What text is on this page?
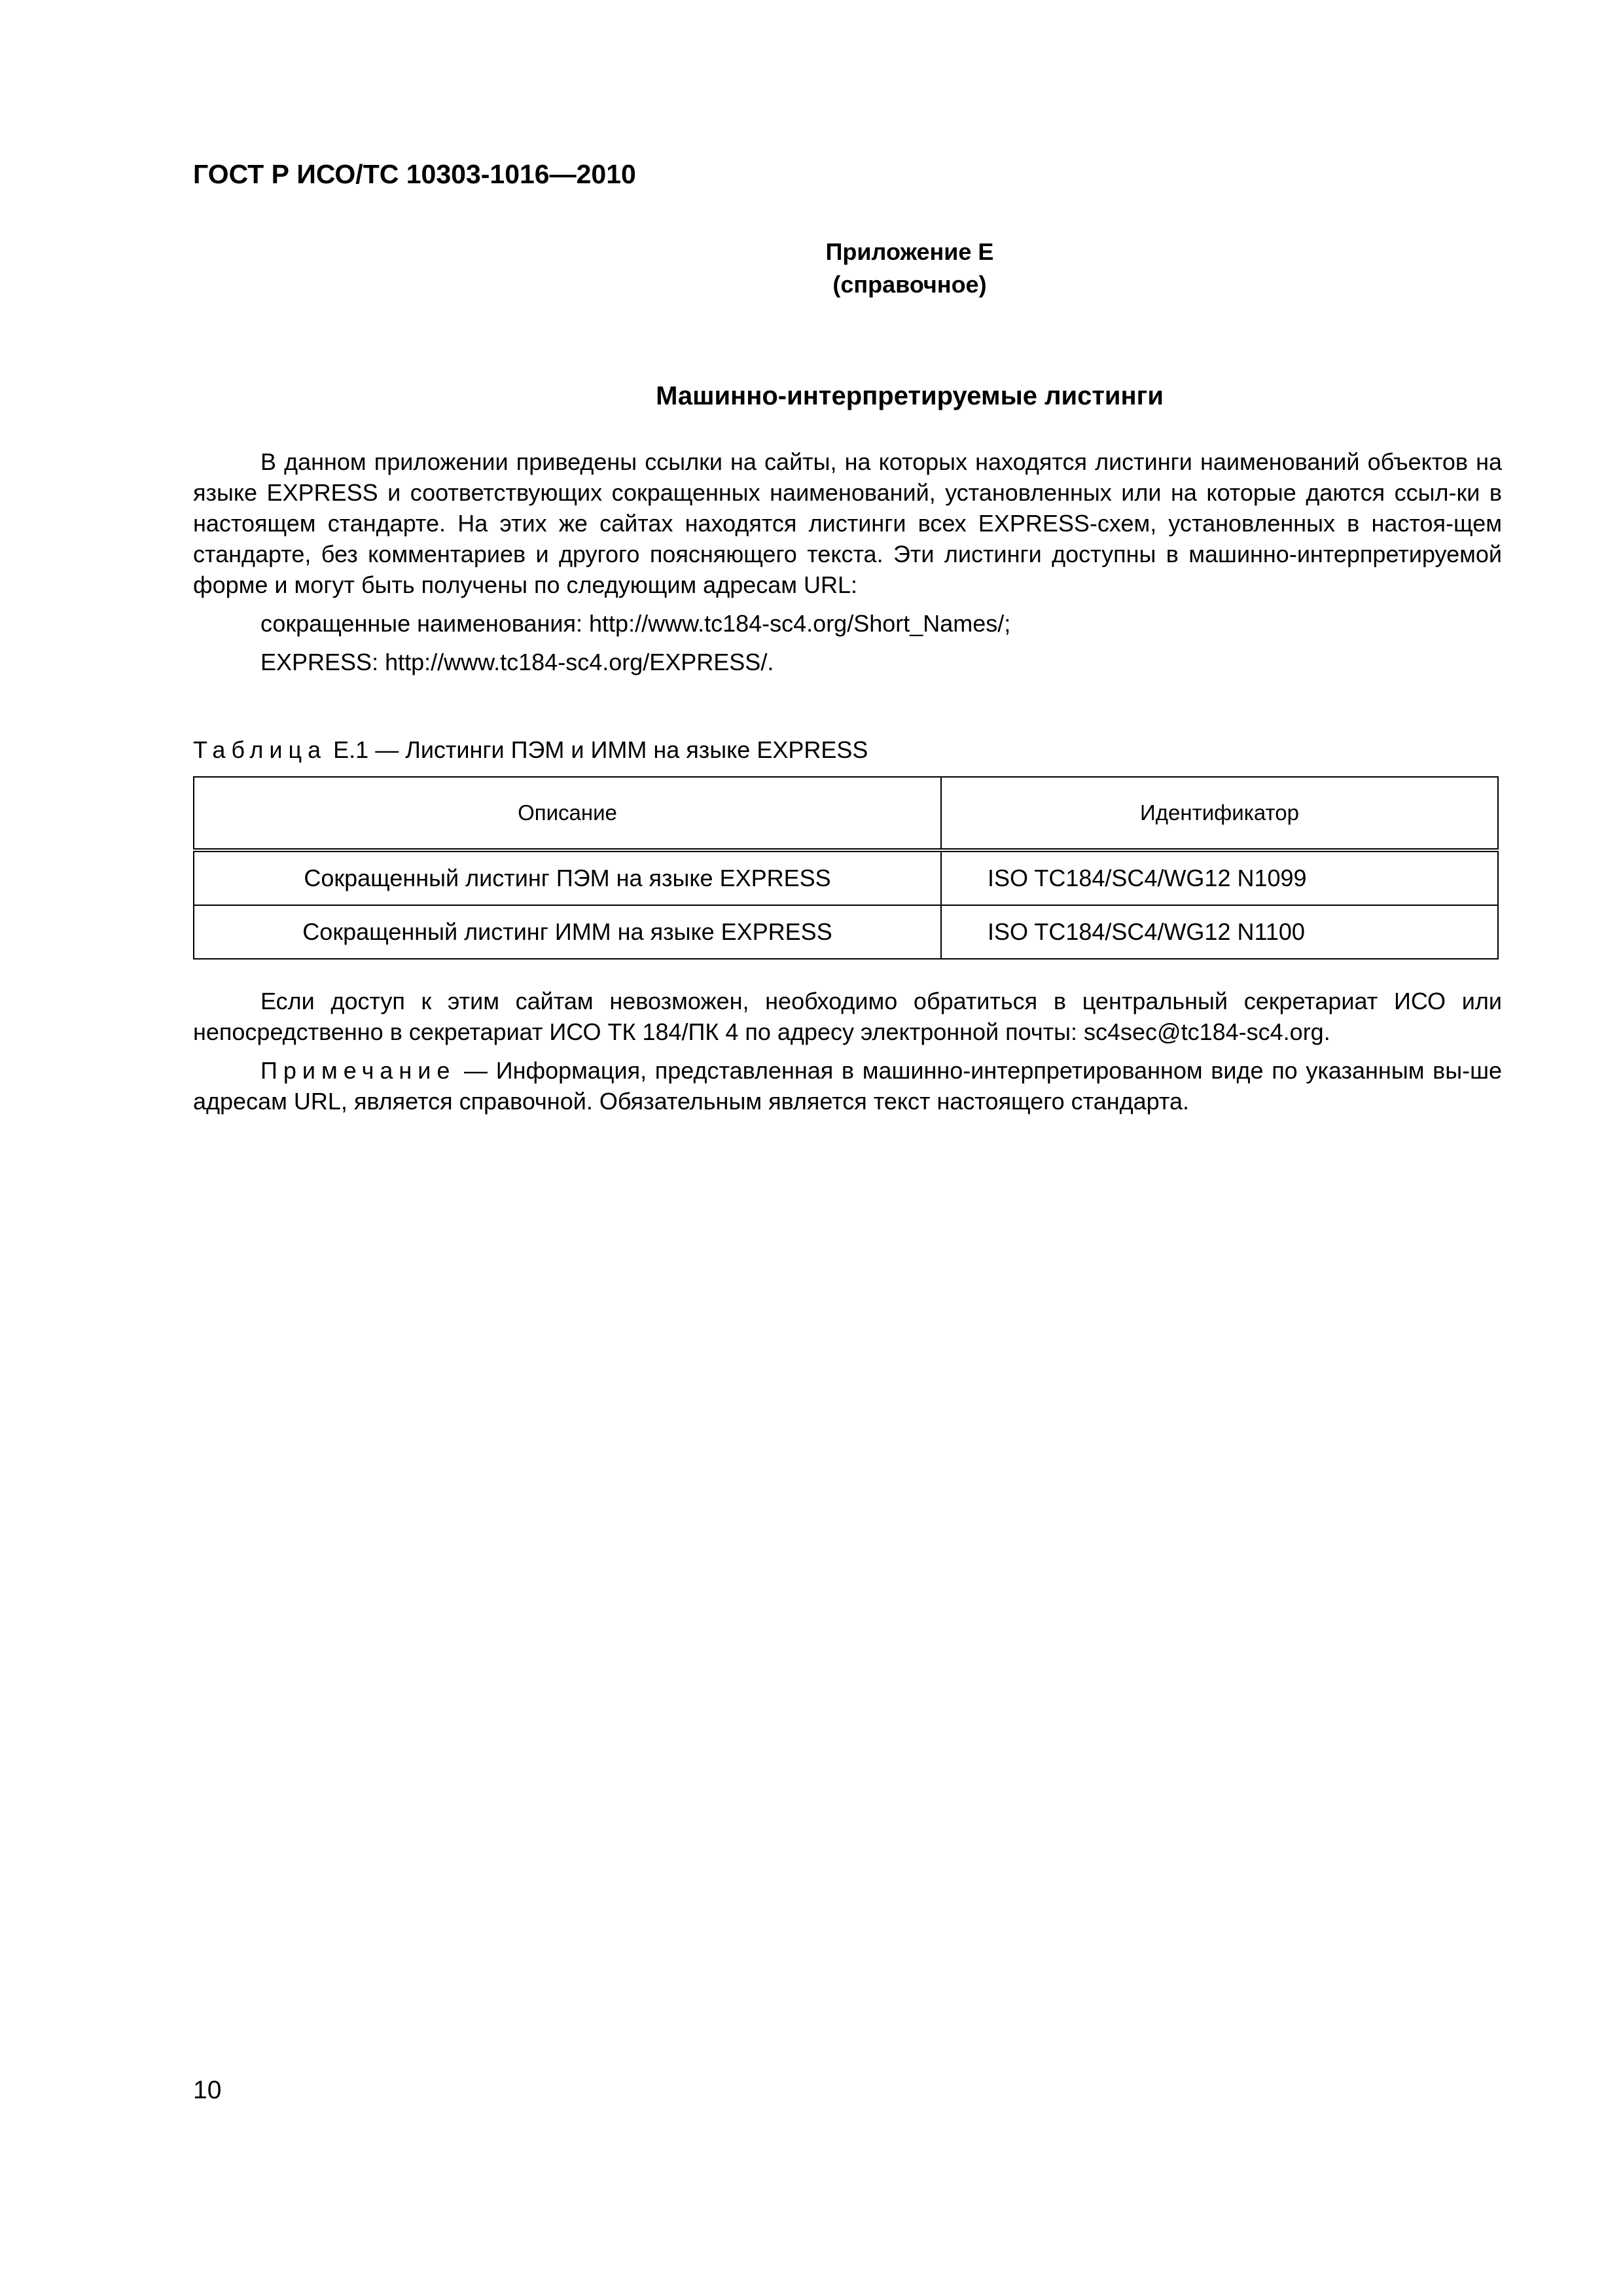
ГОСТ Р ИСО/ТС 10303-1016—2010
Приложение Е
(справочное)
Машинно-интерпретируемые листинги

В данном приложении приведены ссылки на сайты, на которых находятся листинги наименований объектов на языке EXPRESS и соответствующих сокращенных наименований, установленных или на которые даются ссыл-ки в настоящем стандарте. На этих же сайтах находятся листинги всех EXPRESS-схем, установленных в настоя-щем стандарте, без комментариев и другого поясняющего текста. Эти листинги доступны в машинно-интерпретируемой форме и могут быть получены по следующим адресам URL:

сокращенные наименования: http://www.tc184-sc4.org/Short_Names/;

EXPRESS: http://www.tc184-sc4.org/EXPRESS/.

Таблица Е.1 — Листинги ПЭМ и ИММ на языке EXPRESS

Описание	Идентификатор
Сокращенный листинг ПЭМ на языке EXPRESS	ISO TC184/SC4/WG12 N1099
Сокращенный листинг ИММ на языке EXPRESS	ISO TC184/SC4/WG12 N1100

Если доступ к этим сайтам невозможен, необходимо обратиться в центральный секретариат ИСО или непосредственно в секретариат ИСО ТК 184/ПК 4 по адресу электронной почты: sc4sec@tc184-sc4.org.

Примечание — Информация, представленная в машинно-интерпретированном виде по указанным вы-ше адресам URL, является справочной. Обязательным является текст настоящего стандарта.

10
